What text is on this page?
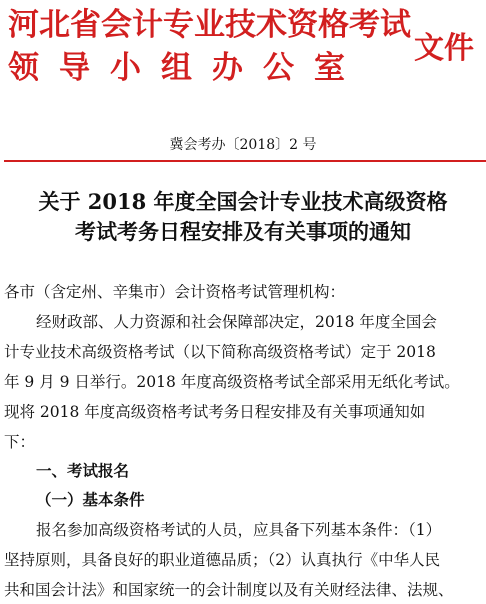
河北省会计专业技术资格考试
领导小组办公室
文件
冀会考办〔2018〕2 号
关于 2018 年度全国会计专业技术高级资格
考试考务日程安排及有关事项的通知
各市（含定州、辛集市）会计资格考试管理机构：
经财政部、人力资源和社会保障部决定，2018 年度全国会
计专业技术高级资格考试（以下简称高级资格考试）定于 2018
年 9 月 9 日举行。2018 年度高级资格考试全部采用无纸化考试。
现将 2018 年度高级资格考试考务日程安排及有关事项通知如
下：
一、考试报名
（一）基本条件
报名参加高级资格考试的人员，应具备下列基本条件：（1）
坚持原则，具备良好的职业道德品质；（2）认真执行《中华人民
共和国会计法》和国家统一的会计制度以及有关财经法律、法规、
